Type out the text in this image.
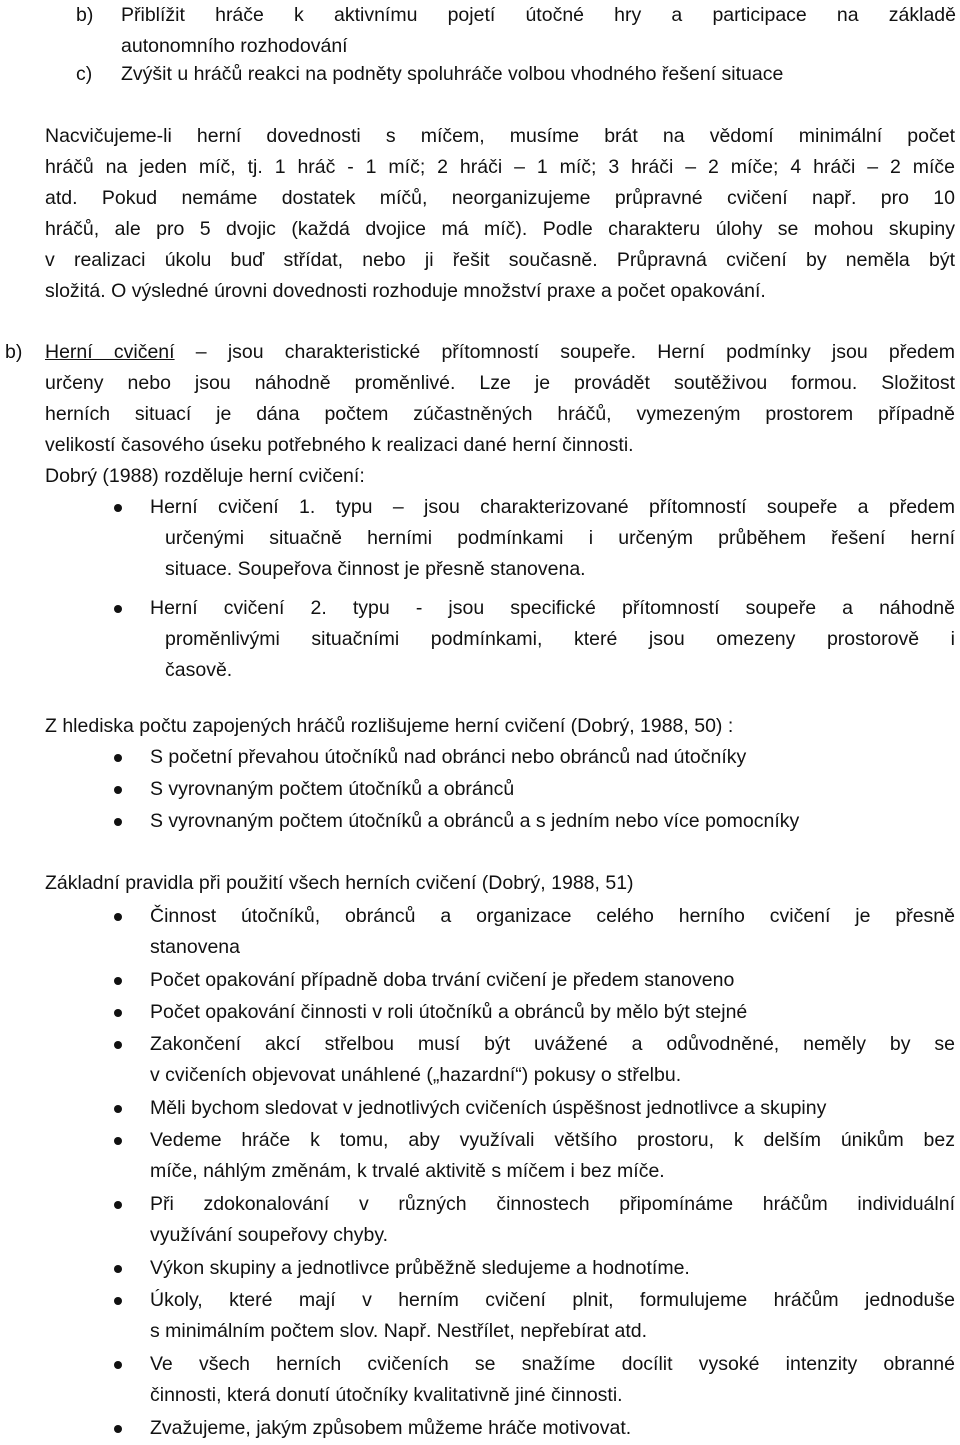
b) Přiblížit hráče k aktivnímu pojetí útočné hry a participace na základě
autonomního rozhodování
c) Zvýšit u hráčů reakci na podněty spoluhráče volbou vhodného řešení situace
Nacvičujeme-li herní dovednosti s míčem, musíme brát na vědomí minimální počet
hráčů na jeden míč, tj. 1 hráč - 1 míč; 2 hráči – 1 míč; 3 hráči – 2 míče; 4 hráči – 2 míče
atd. Pokud nemáme dostatek míčů, neorganizujeme průpravné cvičení např. pro 10
hráčů, ale pro 5 dvojic (každá dvojice má míč). Podle charakteru úlohy se mohou skupiny
v realizaci úkolu buď střídat, nebo ji řešit současně. Průpravná cvičení by neměla být
složitá. O výsledné úrovni dovednosti rozhoduje množství praxe a počet opakování.
b) Herní cvičení – jsou charakteristické přítomností soupeře. Herní podmínky jsou předem
určeny nebo jsou náhodně proměnlivé. Lze je provádět soutěživou formou. Složitost
herních situací je dána počtem zúčastněných hráčů, vymezeným prostorem případně
velikostí časového úseku potřebného k realizaci dané herní činnosti.
Dobrý (1988) rozděluje herní cvičení:
Herní cvičení 1. typu – jsou charakterizované přítomností soupeře a předem
určenými situačně herními podmínkami i určeným průběhem řešení herní
situace. Soupeřova činnost je přesně stanovena.
Herní cvičení 2. typu - jsou specifické přítomností soupeře a náhodně
proměnlivými situačními podmínkami, které jsou omezeny prostorově i
časově.
Z hlediska počtu zapojených hráčů rozlišujeme herní cvičení (Dobrý, 1988, 50) :
S početní převahou útočníků nad obránci nebo obránců nad útočníky
S vyrovnaným počtem útočníků a obránců
S vyrovnaným počtem útočníků a obránců a s jedním nebo více pomocníky
Základní pravidla při použití všech herních cvičení (Dobrý, 1988, 51)
Činnost útočníků, obránců a organizace celého herního cvičení je přesně
stanovena
Počet opakování případně doba trvání cvičení je předem stanoveno
Počet opakování činnosti v roli útočníků a obránců by mělo být stejné
Zakončení akcí střelbou musí být uvážené a odůvodněné, neměly by se
v cvičeních objevovat unáhlené („hazardní“) pokusy o střelbu.
Měli bychom sledovat v jednotlivých cvičeních úspěšnost jednotlivce a skupiny
Vedeme hráče k tomu, aby využívali většího prostoru, k delším únikům bez
míče, náhlým změnám, k trvalé aktivitě s míčem i bez míče.
Při zdokonalování v různých činnostech připomínáme hráčům individuální
využívání soupeřovy chyby.
Výkon skupiny a jednotlivce průběžně sledujeme a hodnotíme.
Úkoly, které mají v herním cvičení plnit, formulujeme hráčům jednoduše
s minimálním počtem slov. Např. Nestřílet, nepřebírat atd.
Ve všech herních cvičeních se snažíme docílit vysoké intenzity obranné
činnosti, která donutí útočníky kvalitativně jiné činnosti.
Zvažujeme, jakým způsobem můžeme hráče motivovat.
